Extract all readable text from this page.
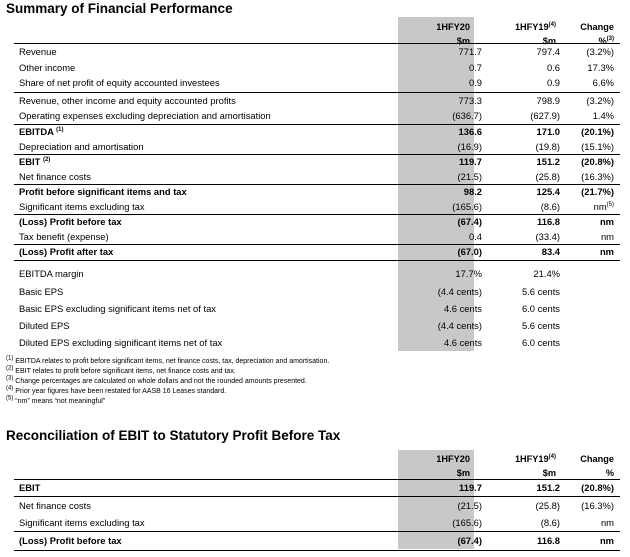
Summary of Financial Performance
1HFY20
$m
1HFY19$^{(4)}$
$m
Change
%$^{(3)}$
Revenue	771.7	797.4	(3.2%)
Other income	0.7	0.6	17.3%
Share of net profit of equity accounted investees	0.9	0.9	6.6%
Revenue, other income and equity accounted profits	773.3	798.9	(3.2%)
Operating expenses excluding depreciation and amortisation	(636.7)	(627.9)	1.4%
EBITDA $^{(1)}$	136.6	171.0	(20.1%)
Depreciation and amortisation	(16.9)	(19.8)	(15.1%)
EBIT $^{(2)}$	119.7	151.2	(20.8%)
Net finance costs	(21.5)	(25.8)	(16.3%)
Profit before significant items and tax	98.2	125.4	(21.7%)
Significant items excluding tax	(165.6)	(8.6)	$nm^{(5)}$
(Loss) Profit before tax	(67.4)	116.8	nm
Tax benefit (expense)	0.4	(33.4)	nm
(Loss) Profit after tax	(67.0)	83.4	nm
EBITDA margin	17.7%	21.4%
Basic EPS	(4.4 cents)	5.6 cents
Basic EPS excluding significant items net of tax	4.6 cents	6.0 cents
Diluted EPS	(4.4 cents)	5.6 cents
Diluted EPS excluding significant items net of tax	4.6 cents	6.0 cents
$^{(1)}$ EBITDA relates to profit before significant items, net finance costs, tax, depreciation and amortisation.
$^{(2)}$ EBIT relates to profit before significant items, net finance costs and tax.
$^{(3)}$ Change percentages are calculated on whole dollars and not the rounded amounts presented.
$^{(4)}$ Prior year figures have been restated for AASB 16 Leases standard.
$^{(5)}$ “nm” means “not meaningful”
Reconciliation of EBIT to Statutory Profit Before Tax
1HFY20
$m
1HFY19$^{(4)}$
$m
Change
%
EBIT	119.7	151.2	(20.8%)
Net finance costs	(21.5)	(25.8)	(16.3%)
Significant items excluding tax	(165.6)	(8.6)	nm
(Loss) Profit before tax	(67.4)	116.8	nm
